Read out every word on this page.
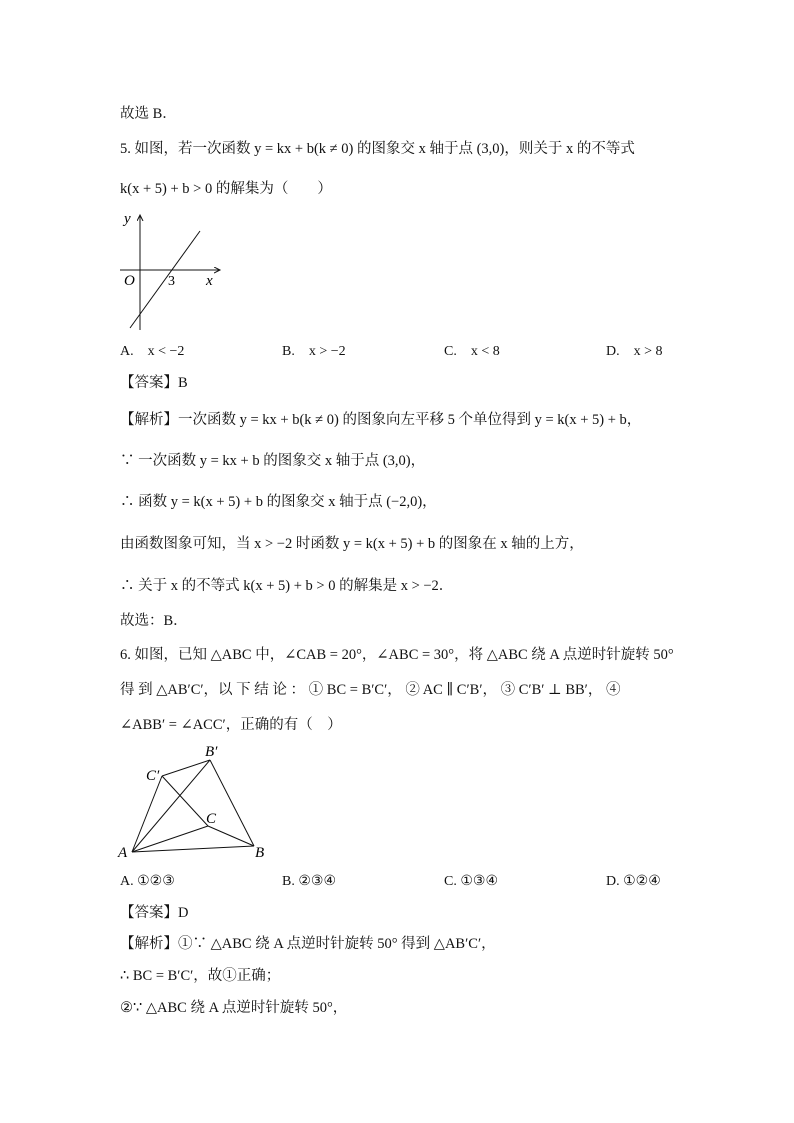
故选 B．
5. 如图，若一次函数 y = kx + b(k ≠ 0) 的图象交 x 轴于点 (3,0)，则关于 x 的不等式
k(x + 5) + b > 0 的解集为（　　）
y
x
O 3
A.　x < −2	B.　x > −2	C.　x < 8	D.　x > 8
【答案】B
【解析】一次函数 y = kx + b(k ≠ 0) 的图象向左平移 5 个单位得到 y = k(x + 5) + b，
∵ 一次函数 y = kx + b 的图象交 x 轴于点 (3,0)，
∴ 函数 y = k(x + 5) + b 的图象交 x 轴于点 (−2,0)，
由函数图象可知，当 x > −2 时函数 y = k(x + 5) + b 的图象在 x 轴的上方，
∴ 关于 x 的不等式 k(x + 5) + b > 0 的解集是 x > −2．
故选：B．
6. 如图，已知 △ABC 中，∠CAB = 20°，∠ABC = 30°，将 △ABC 绕 A 点逆时针旋转 50°
得 到 △AB′C′，以 下 结 论 ： ① BC = B′C′， ② AC ∥ C′B′， ③ C′B′ ⊥ BB′， ④
∠ABB′ = ∠ACC′，正确的有（　）
A	B
C
B′
C′
A. ①②③	B. ②③④	C. ①③④	D. ①②④
【答案】D
【解析】①∵ △ABC 绕 A 点逆时针旋转 50° 得到 △AB′C′，
∴ BC = B′C′，故①正确；
②∵ △ABC 绕 A 点逆时针旋转 50°，
